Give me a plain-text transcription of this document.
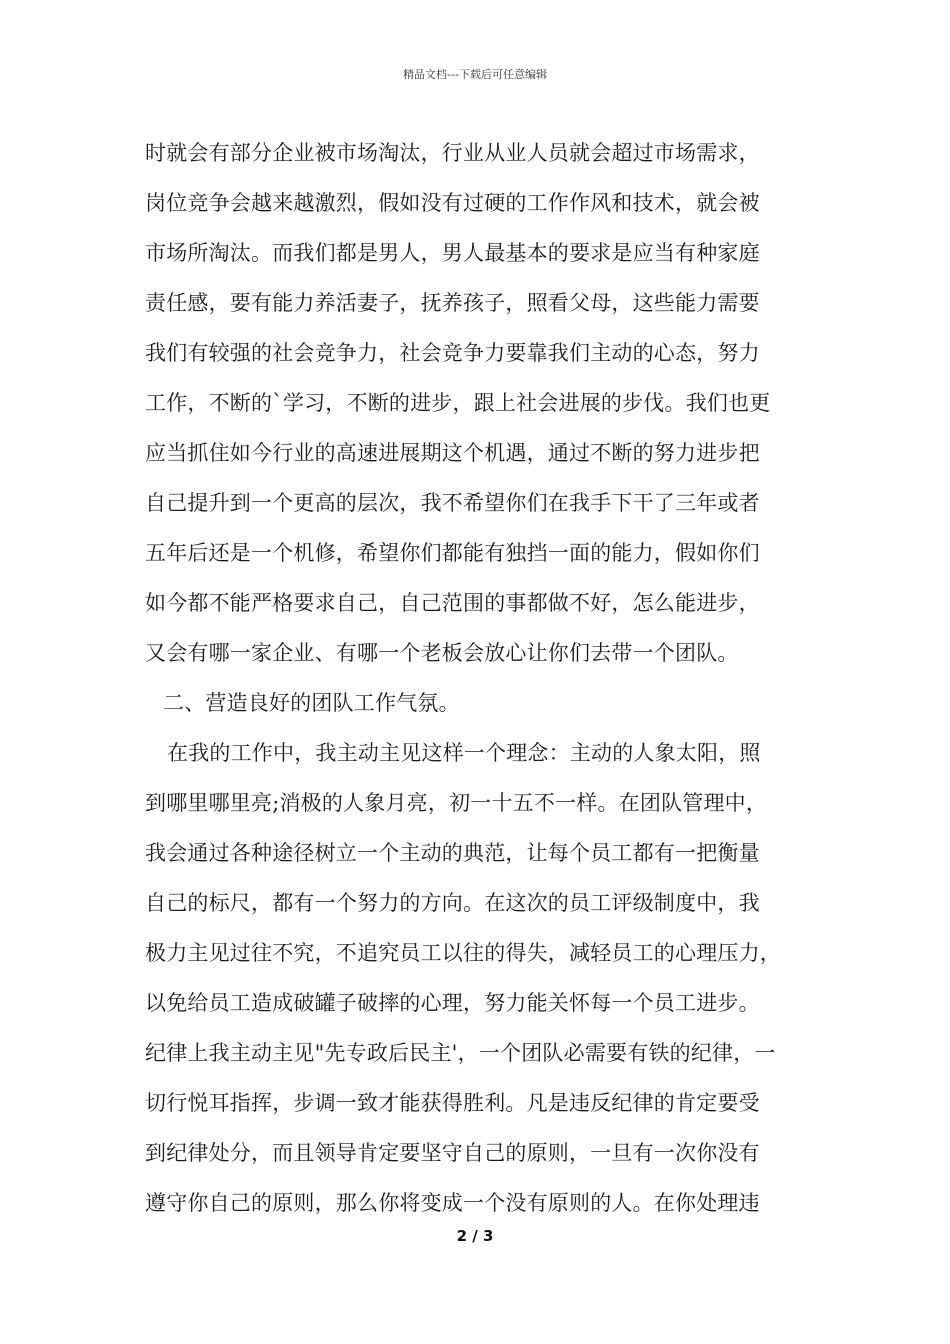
精品文档---下载后可任意编辑
时就会有部分企业被市场淘汰，行业从业人员就会超过市场需求，
岗位竞争会越来越激烈，假如没有过硬的工作作风和技术，就会被
市场所淘汰。而我们都是男人，男人最基本的要求是应当有种家庭
责任感，要有能力养活妻子，抚养孩子，照看父母，这些能力需要
我们有较强的社会竞争力，社会竞争力要靠我们主动的心态，努力
工作，不断的`学习，不断的进步，跟上社会进展的步伐。我们也更
应当抓住如今行业的高速进展期这个机遇，通过不断的努力进步把
自己提升到一个更高的层次，我不希望你们在我手下干了三年或者
五年后还是一个机修，希望你们都能有独挡一面的能力，假如你们
如今都不能严格要求自己，自己范围的事都做不好，怎么能进步，
又会有哪一家企业、有哪一个老板会放心让你们去带一个团队。
二、营造良好的团队工作气氛。
在我的工作中，我主动主见这样一个理念：主动的人象太阳，照
到哪里哪里亮;消极的人象月亮，初一十五不一样。在团队管理中，
我会通过各种途径树立一个主动的典范，让每个员工都有一把衡量
自己的标尺，都有一个努力的方向。在这次的员工评级制度中，我
极力主见过往不究，不追究员工以往的得失，减轻员工的心理压力，
以免给员工造成破罐子破摔的心理，努力能关怀每一个员工进步。
纪律上我主动主见"先专政后民主'，一个团队必需要有铁的纪律，一
切行悦耳指挥，步调一致才能获得胜利。凡是违反纪律的肯定要受
到纪律处分，而且领导肯定要坚守自己的原则，一旦有一次你没有
遵守你自己的原则，那么你将变成一个没有原则的人。在你处理违
2 / 3
